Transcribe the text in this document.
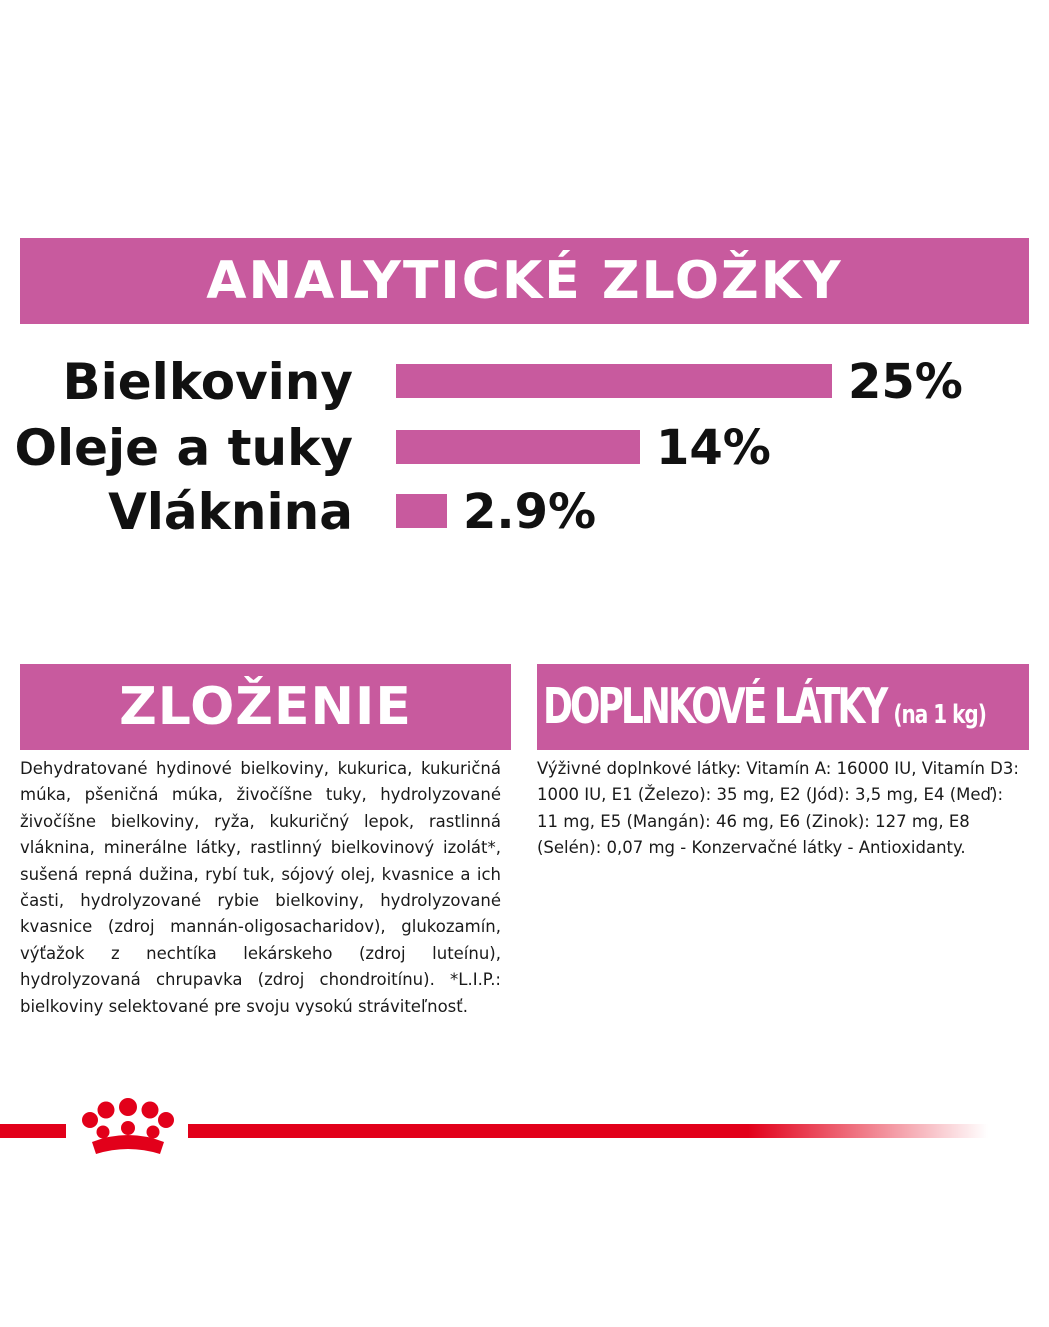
ANALYTICKÉ ZLOŽKY
Bielkoviny	25%
Oleje a tuky	14%
Vláknina 2.9%
ZLOŽENIE
Dehydratované hydinové bielkoviny, kukurica, kukuričná múka, pšeničná múka, živočíšne tuky, hydrolyzované živočíšne bielkoviny, ryža, kukuričný lepok, rastlinná vláknina, minerálne látky, rastlinný bielkovinový izolát*, sušená repná dužina, rybí tuk, sójový olej, kvasnice a ich časti, hydrolyzované rybie bielkoviny, hydrolyzované kvasnice (zdroj mannán-oligosacharidov), glukozamín, výťažok z nechtíka lekárskeho (zdroj luteínu), hydrolyzovaná chrupavka (zdroj chondroitínu). *L.I.P.: bielkoviny selektované pre svoju vysokú stráviteľnosť.
DOPLNKOVÉ LÁTKY (na 1 kg)
Výživné doplnkové látky: Vitamín A: 16000 IU, Vitamín D3: 1000 IU, E1 (Železo): 35 mg, E2 (Jód): 3,5 mg, E4 (Meď): 11 mg, E5 (Mangán): 46 mg, E6 (Zinok): 127 mg, E8 (Selén): 0,07 mg - Konzervačné látky - Antioxidanty.
